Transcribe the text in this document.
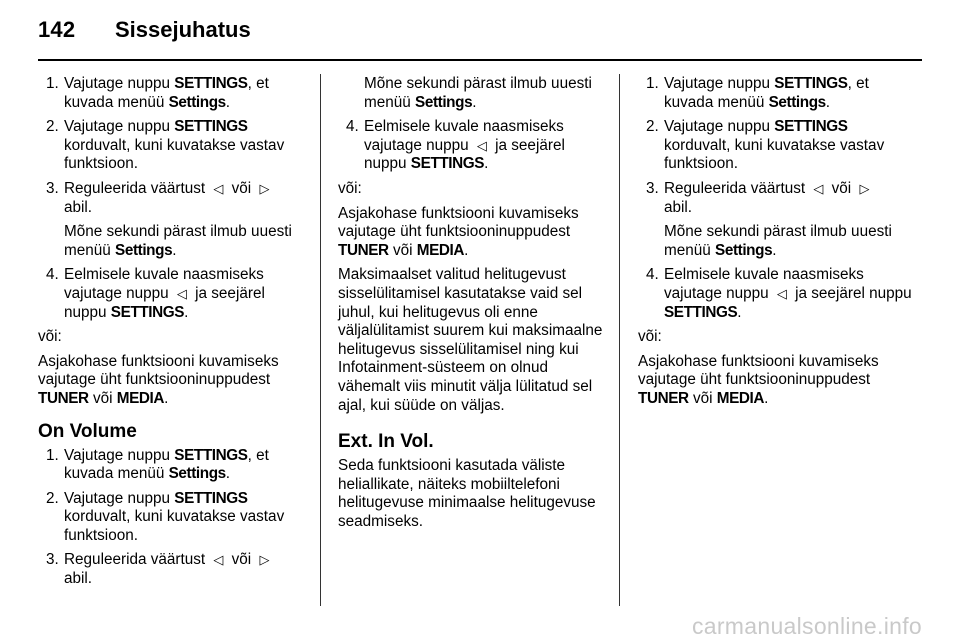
142 Sissejuhatus
1. Vajutage nuppu SETTINGS, et kuvada menüü Settings.
2. Vajutage nuppu SETTINGS korduvalt, kuni kuvatakse vastav funktsioon.
3. Reguleerida väärtust ◁ või ▷
abil.
Mõne sekundi pärast ilmub uuesti menüü Settings.
4. Eelmisele kuvale naasmiseks vajutage nuppu ◁ ja seejärel nuppu SETTINGS.

või:

Asjakohase funktsiooni kuvamiseks vajutage üht funktsiooninuppudest TUNER või MEDIA.

On Volume
1. Vajutage nuppu SETTINGS, et kuvada menüü Settings.
2. Vajutage nuppu SETTINGS korduvalt, kuni kuvatakse vastav funktsioon.
3. Reguleerida väärtust ◁ või ▷
abil.

Mõne sekundi pärast ilmub uuesti menüü Settings.

4. Eelmisele kuvale naasmiseks vajutage nuppu ◁ ja seejärel nuppu SETTINGS.

või:

Asjakohase funktsiooni kuvamiseks vajutage üht funktsiooninuppudest TUNER või MEDIA.

Maksimaalset valitud helitugevust sisselülitamisel kasutatakse vaid sel juhul, kui helitugevus oli enne väljalülitamist suurem kui maksimaalne helitugevus sisselülitamisel ning kui Infotainment-süsteem on olnud vähemalt viis minutit välja lülitatud sel ajal, kui süüde on väljas.

Ext. In Vol.

Seda funktsiooni kasutada väliste heliallikate, näiteks mobiiltelefoni helitugevuse minimaalse helitugevuse seadmiseks.

1. Vajutage nuppu SETTINGS, et kuvada menüü Settings.
2. Vajutage nuppu SETTINGS korduvalt, kuni kuvatakse vastav funktsioon.
3. Reguleerida väärtust ◁ või ▷
abil.
Mõne sekundi pärast ilmub uuesti menüü Settings.
4. Eelmisele kuvale naasmiseks vajutage nuppu ◁ ja seejärel nuppu SETTINGS.

või:

Asjakohase funktsiooni kuvamiseks vajutage üht funktsiooninuppudest TUNER või MEDIA.

carmanualsonline.info
